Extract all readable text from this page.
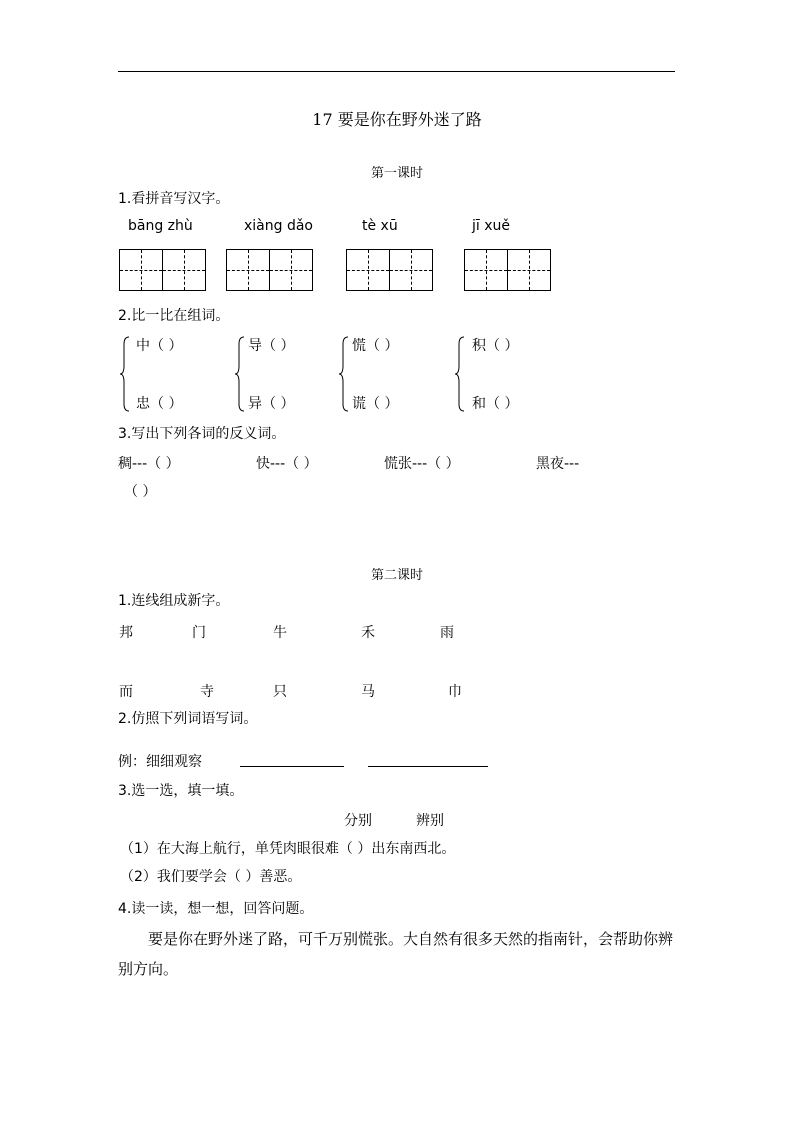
17 要是你在野外迷了路
第一课时
1.看拼音写汉字。
bāng zhù	xiàng dǎo	tè xū	jī xuě
2.比一比在组词。
中（ ）
忠（ ）
导（ ）
异（ ）
慌（ ）
谎（ ）
积（ ）
和（ ）
3.写出下列各词的反义词。
稠---（ ）	快---（ ）	慌张---（ ）	黑夜---
（ ）
第二课时
1.连线组成新字。
邦	门	牛	禾	雨
而	寺	只	马	巾
2.仿照下列词语写词。
例：细细观察
3.选一选，填一填。
分别	辨别
（1）在大海上航行，单凭肉眼很难（ ）出东南西北。
（2）我们要学会（ ）善恶。
4.读一读，想一想，回答问题。
要是你在野外迷了路，可千万别慌张。大自然有很多天然的指南针，会帮助你辨别方向。
